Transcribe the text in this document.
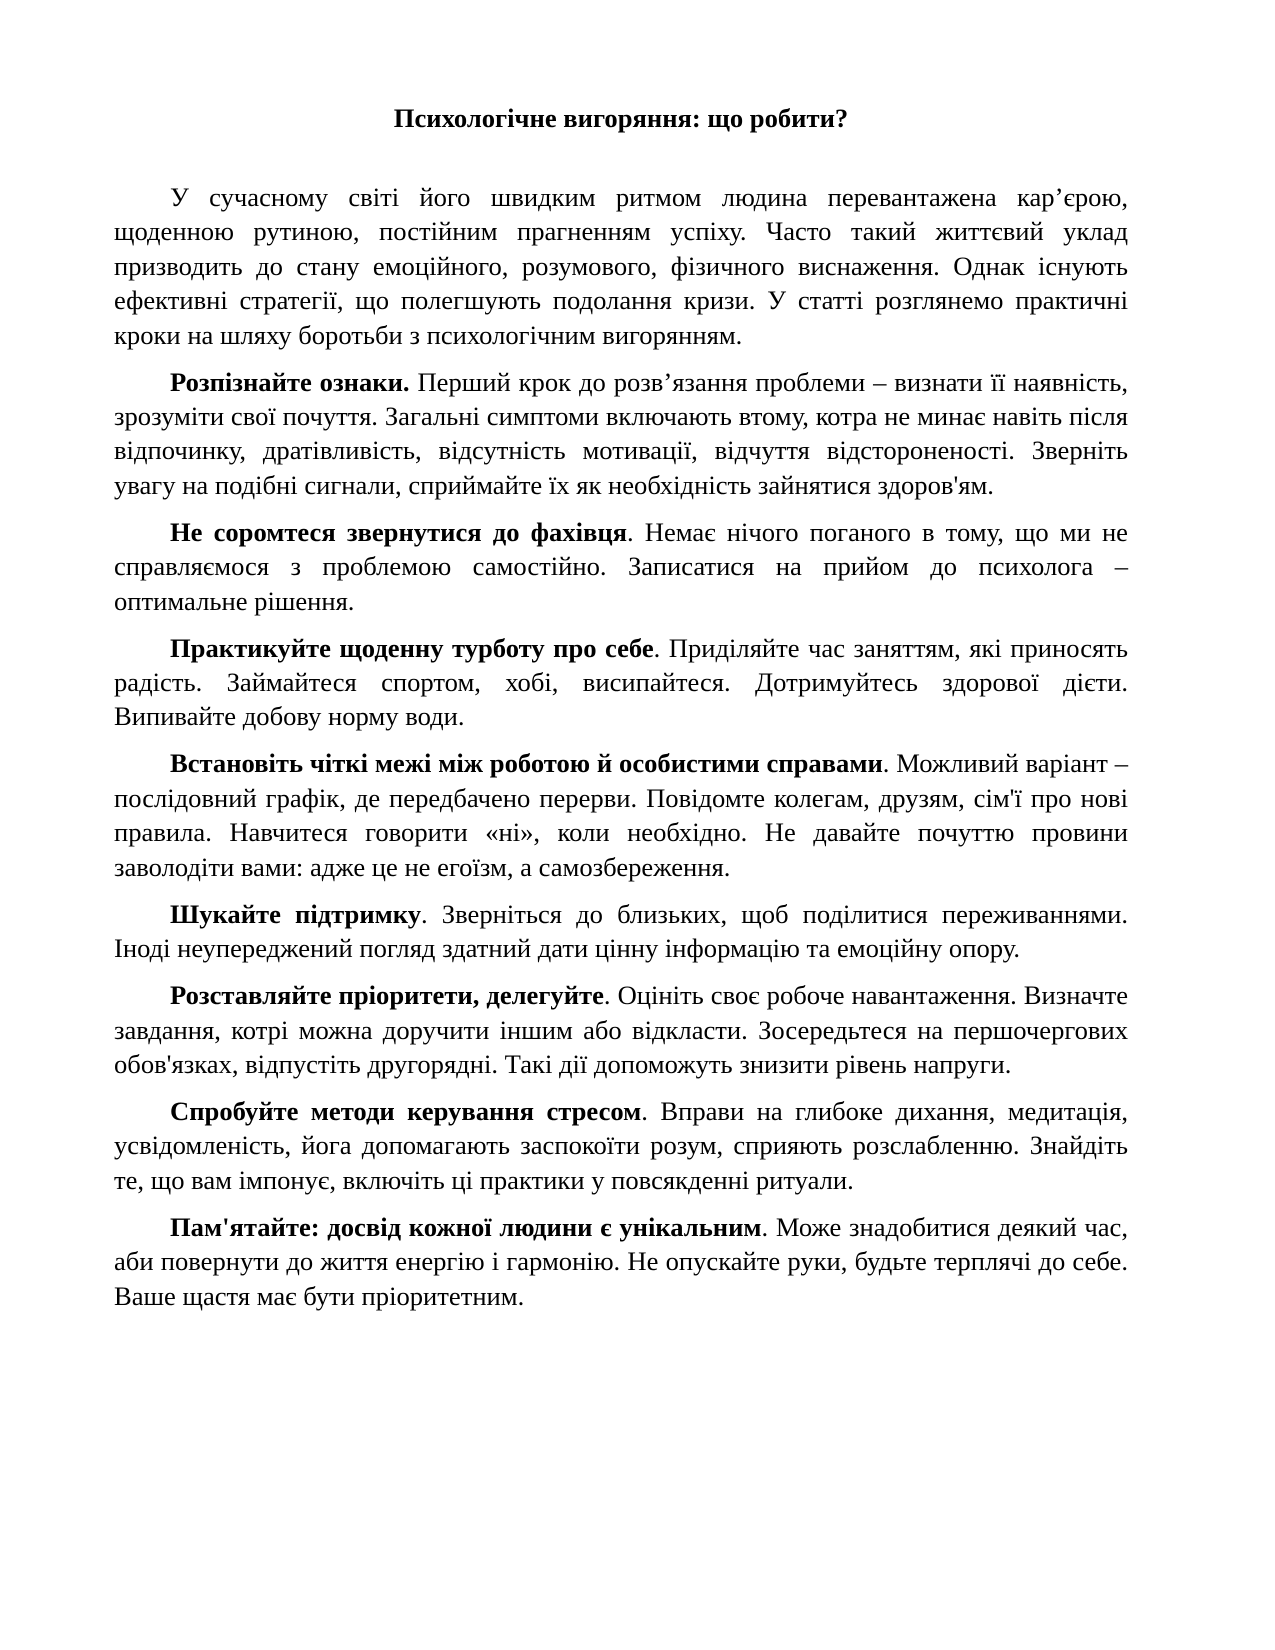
Психологічне вигоряння: що робити?

У сучасному світі його швидким ритмом людина перевантажена кар’єрою, щоденною рутиною, постійним прагненням успіху. Часто такий життєвий уклад призводить до стану емоційного, розумового, фізичного виснаження. Однак існують ефективні стратегії, що полегшують подолання кризи. У статті розглянемо практичні кроки на шляху боротьби з психологічним вигорянням.

Розпізнайте ознаки. Перший крок до розв’язання проблеми – визнати її наявність, зрозуміти свої почуття. Загальні симптоми включають втому, котра не минає навіть після відпочинку, дратівливість, відсутність мотивації, відчуття відстороненості. Зверніть увагу на подібні сигнали, сприймайте їх як необхідність зайнятися здоров'ям.

Не соромтеся звернутися до фахівця. Немає нічого поганого в тому, що ми не справляємося з проблемою самостійно. Записатися на прийом до психолога – оптимальне рішення.

Практикуйте щоденну турботу про себе. Приділяйте час заняттям, які приносять радість. Займайтеся спортом, хобі, висипайтеся. Дотримуйтесь здорової дієти. Випивайте добову норму води.

Встановіть чіткі межі між роботою й особистими справами. Можливий варіант – послідовний графік, де передбачено перерви. Повідомте колегам, друзям, сім'ї про нові правила. Навчитеся говорити «ні», коли необхідно. Не давайте почуттю провини заволодіти вами: адже це не егоїзм, а самозбереження.

Шукайте підтримку. Зверніться до близьких, щоб поділитися переживаннями. Іноді неупереджений погляд здатний дати цінну інформацію та емоційну опору.

Розставляйте пріоритети, делегуйте. Оцініть своє робоче навантаження. Визначте завдання, котрі можна доручити іншим або відкласти. Зосередьтеся на першочергових обов'язках, відпустіть другорядні. Такі дії допоможуть знизити рівень напруги.

Спробуйте методи керування стресом. Вправи на глибоке дихання, медитація, усвідомленість, йога допомагають заспокоїти розум, сприяють розслабленню. Знайдіть те, що вам імпонує, включіть ці практики у повсякденні ритуали.

Пам'ятайте: досвід кожної людини є унікальним. Може знадобитися деякий час, аби повернути до життя енергію і гармонію. Не опускайте руки, будьте терплячі до себе. Ваше щастя має бути пріоритетним.
